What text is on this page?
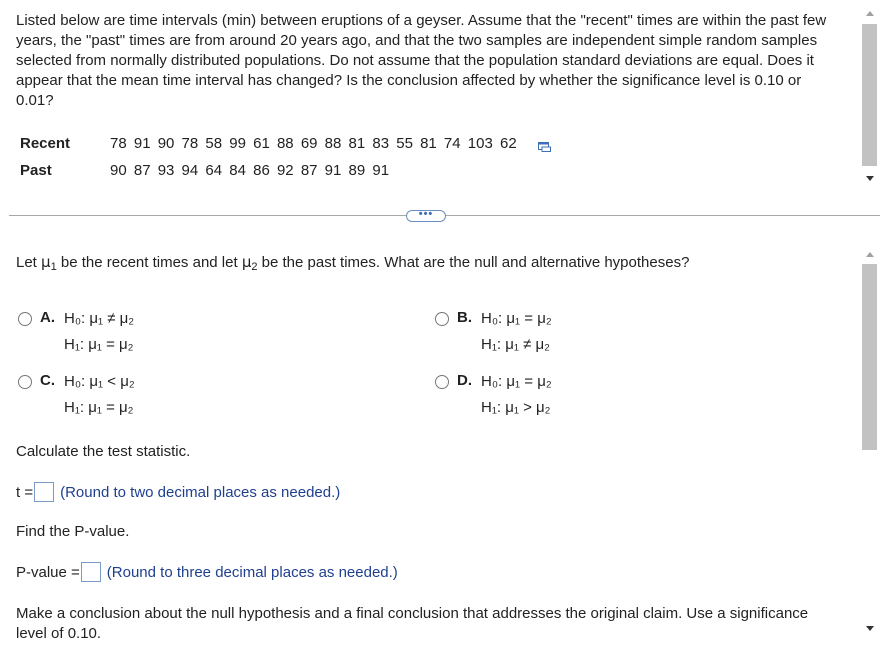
Listed below are time intervals (min) between eruptions of a geyser. Assume that the "recent" times are within the past few years, the "past" times are from around 20 years ago, and that the two samples are independent simple random samples selected from normally distributed populations. Do not assume that the population standard deviations are equal. Does it appear that the mean time interval has changed? Is the conclusion affected by whether the significance level is 0.10 or 0.01?

Recent	78 91 90 78 58 99 61 88 69 88 81 83 55 81 74 103 62
Past	90 87 93 94 64 84 86 92 87 91 89 91
•••

Let $\mu_1$ be the recent times and let $\mu_2$ be the past times. What are the null and alternative hypotheses?

A. H₀: μ₁ ≠ μ₂
H₁: μ₁ = μ₂
B. H₀: μ₁ = μ₂
H₁: μ₁ ≠ μ₂
C. H₀: μ₁ < μ₂
H₁: μ₁ = μ₂
D. H₀: μ₁ = μ₂
H₁: μ₁ > μ₂

Calculate the test statistic.

t = (Round to two decimal places as needed.)

Find the P-value.

P-value = (Round to three decimal places as needed.)

Make a conclusion about the null hypothesis and a final conclusion that addresses the original claim. Use a significance level of 0.10.
